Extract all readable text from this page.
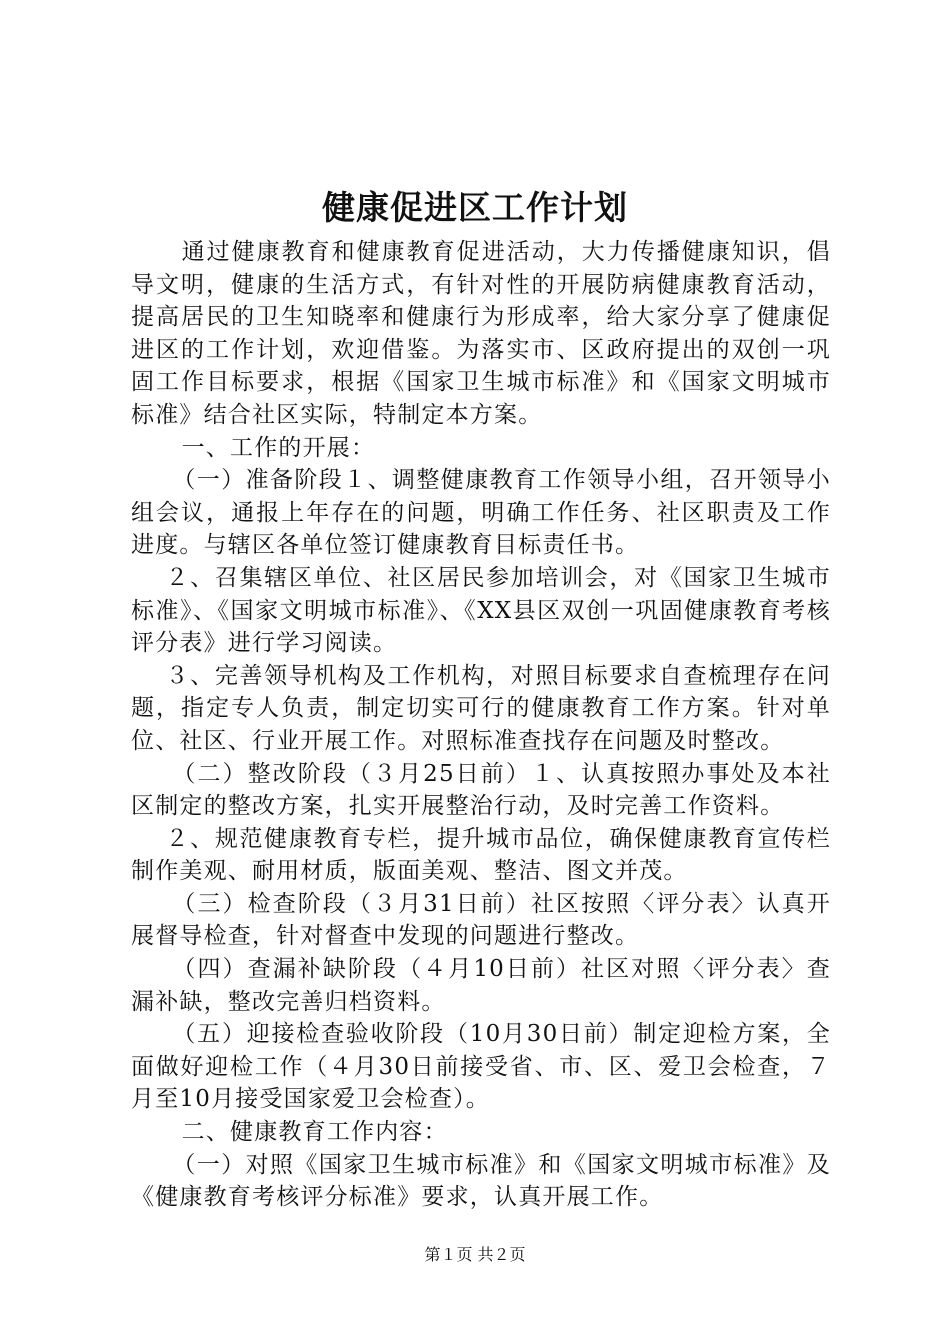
健康促进区工作计划

通过健康教育和健康教育促进活动，大力传播健康知识，倡导文明，健康的生活方式，有针对性的开展防病健康教育活动，提高居民的卫生知晓率和健康行为形成率，给大家分享了健康促进区的工作计划，欢迎借鉴。为落实市、区政府提出的双创一巩固工作目标要求，根据《国家卫生城市标准》和《国家文明城市标准》结合社区实际，特制定本方案。

一、工作的开展：

（一）准备阶段１、调整健康教育工作领导小组，召开领导小组会议，通报上年存在的问题，明确工作任务、社区职责及工作进度。与辖区各单位签订健康教育目标责任书。

２、召集辖区单位、社区居民参加培训会，对《国家卫生城市标准》、《国家文明城市标准》、《XX县区双创一巩固健康教育考核评分表》进行学习阅读。

３、完善领导机构及工作机构，对照目标要求自查梳理存在问题，指定专人负责，制定切实可行的健康教育工作方案。针对单位、社区、行业开展工作。对照标准查找存在问题及时整改。

（二）整改阶段（３月25日前）１、认真按照办事处及本社区制定的整改方案，扎实开展整治行动，及时完善工作资料。

２、规范健康教育专栏，提升城市品位，确保健康教育宣传栏制作美观、耐用材质，版面美观、整洁、图文并茂。

（三）检查阶段（３月31日前）社区按照〈评分表〉认真开展督导检查，针对督查中发现的问题进行整改。

（四）查漏补缺阶段（４月10日前）社区对照〈评分表〉查漏补缺，整改完善归档资料。

（五）迎接检查验收阶段（10月30日前）制定迎检方案，全面做好迎检工作（４月30日前接受省、市、区、爱卫会检查，７月至10月接受国家爱卫会检查）。

二、健康教育工作内容：

（一）对照《国家卫生城市标准》和《国家文明城市标准》及《健康教育考核评分标准》要求，认真开展工作。

第１页 共２页
